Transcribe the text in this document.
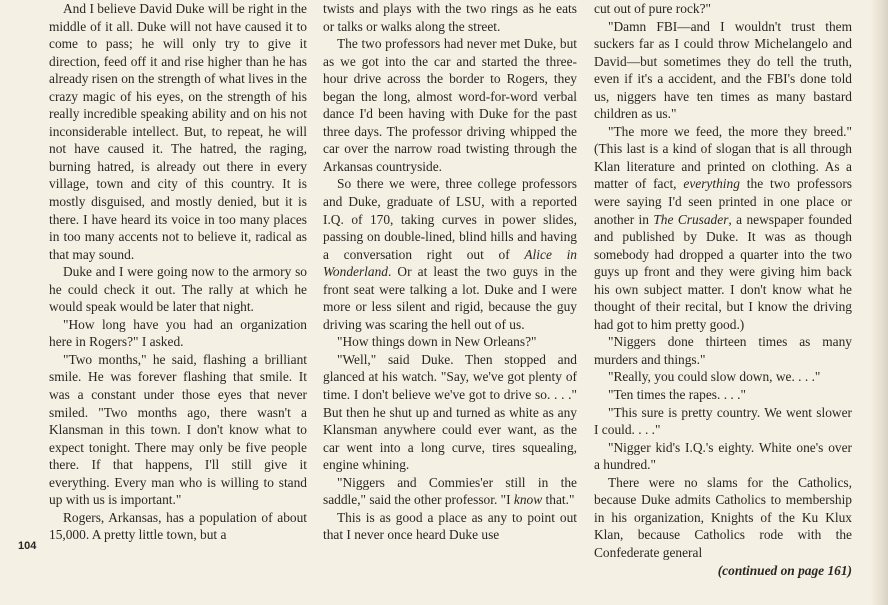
And I believe David Duke will be right in the middle of it all. Duke will not have caused it to come to pass; he will only try to give it direction, feed off it and rise higher than he has already risen on the strength of what lives in the crazy magic of his eyes, on the strength of his really incredible speaking ability and on his not inconsiderable intellect. But, to repeat, he will not have caused it. The hatred, the raging, burning hatred, is already out there in every village, town and city of this country. It is mostly disguised, and mostly denied, but it is there. I have heard its voice in too many places in too many accents not to believe it, radical as that may sound.

Duke and I were going now to the armory so he could check it out. The rally at which he would speak would be later that night.

"How long have you had an organization here in Rogers?" I asked.

"Two months," he said, flashing a brilliant smile. He was forever flashing that smile. It was a constant under those eyes that never smiled. "Two months ago, there wasn't a Klansman in this town. I don't know what to expect tonight. There may only be five people there. If that happens, I'll still give it everything. Every man who is willing to stand up with us is important."

Rogers, Arkansas, has a population of about 15,000. A pretty little town, but a

twists and plays with the two rings as he eats or talks or walks along the street.

The two professors had never met Duke, but as we got into the car and started the three-hour drive across the border to Rogers, they began the long, almost word-for-word verbal dance I'd been having with Duke for the past three days. The professor driving whipped the car over the narrow road twisting through the Arkansas countryside.

So there we were, three college professors and Duke, graduate of LSU, with a reported I.Q. of 170, taking curves in power slides, passing on double-lined, blind hills and having a conversation right out of Alice in Wonderland. Or at least the two guys in the front seat were talking a lot. Duke and I were more or less silent and rigid, because the guy driving was scaring the hell out of us.

"How things down in New Orleans?"

"Well," said Duke. Then stopped and glanced at his watch. "Say, we've got plenty of time. I don't believe we've got to drive so. . . ." But then he shut up and turned as white as any Klansman anywhere could ever want, as the car went into a long curve, tires squealing, engine whining.

"Niggers and Commies'er still in the saddle," said the other professor. "I know that."

This is as good a place as any to point out that I never once heard Duke use

cut out of pure rock?"

"Damn FBI—and I wouldn't trust them suckers far as I could throw Michelangelo and David—but sometimes they do tell the truth, even if it's a accident, and the FBI's done told us, niggers have ten times as many bastard children as us."

"The more we feed, the more they breed." (This last is a kind of slogan that is all through Klan literature and printed on clothing. As a matter of fact, everything the two professors were saying I'd seen printed in one place or another in The Crusader, a newspaper founded and published by Duke. It was as though somebody had dropped a quarter into the two guys up front and they were giving him back his own subject matter. I don't know what he thought of their recital, but I know the driving had got to him pretty good.)

"Niggers done thirteen times as many murders and things."

"Really, you could slow down, we. . . ."

"Ten times the rapes. . . ."

"This sure is pretty country. We went slower I could. . . ."

"Nigger kid's I.Q.'s eighty. White one's over a hundred."

There were no slams for the Catholics, because Duke admits Catholics to membership in his organization, Knights of the Ku Klux Klan, because Catholics rode with the Confederate general

(continued on page 161)

104
